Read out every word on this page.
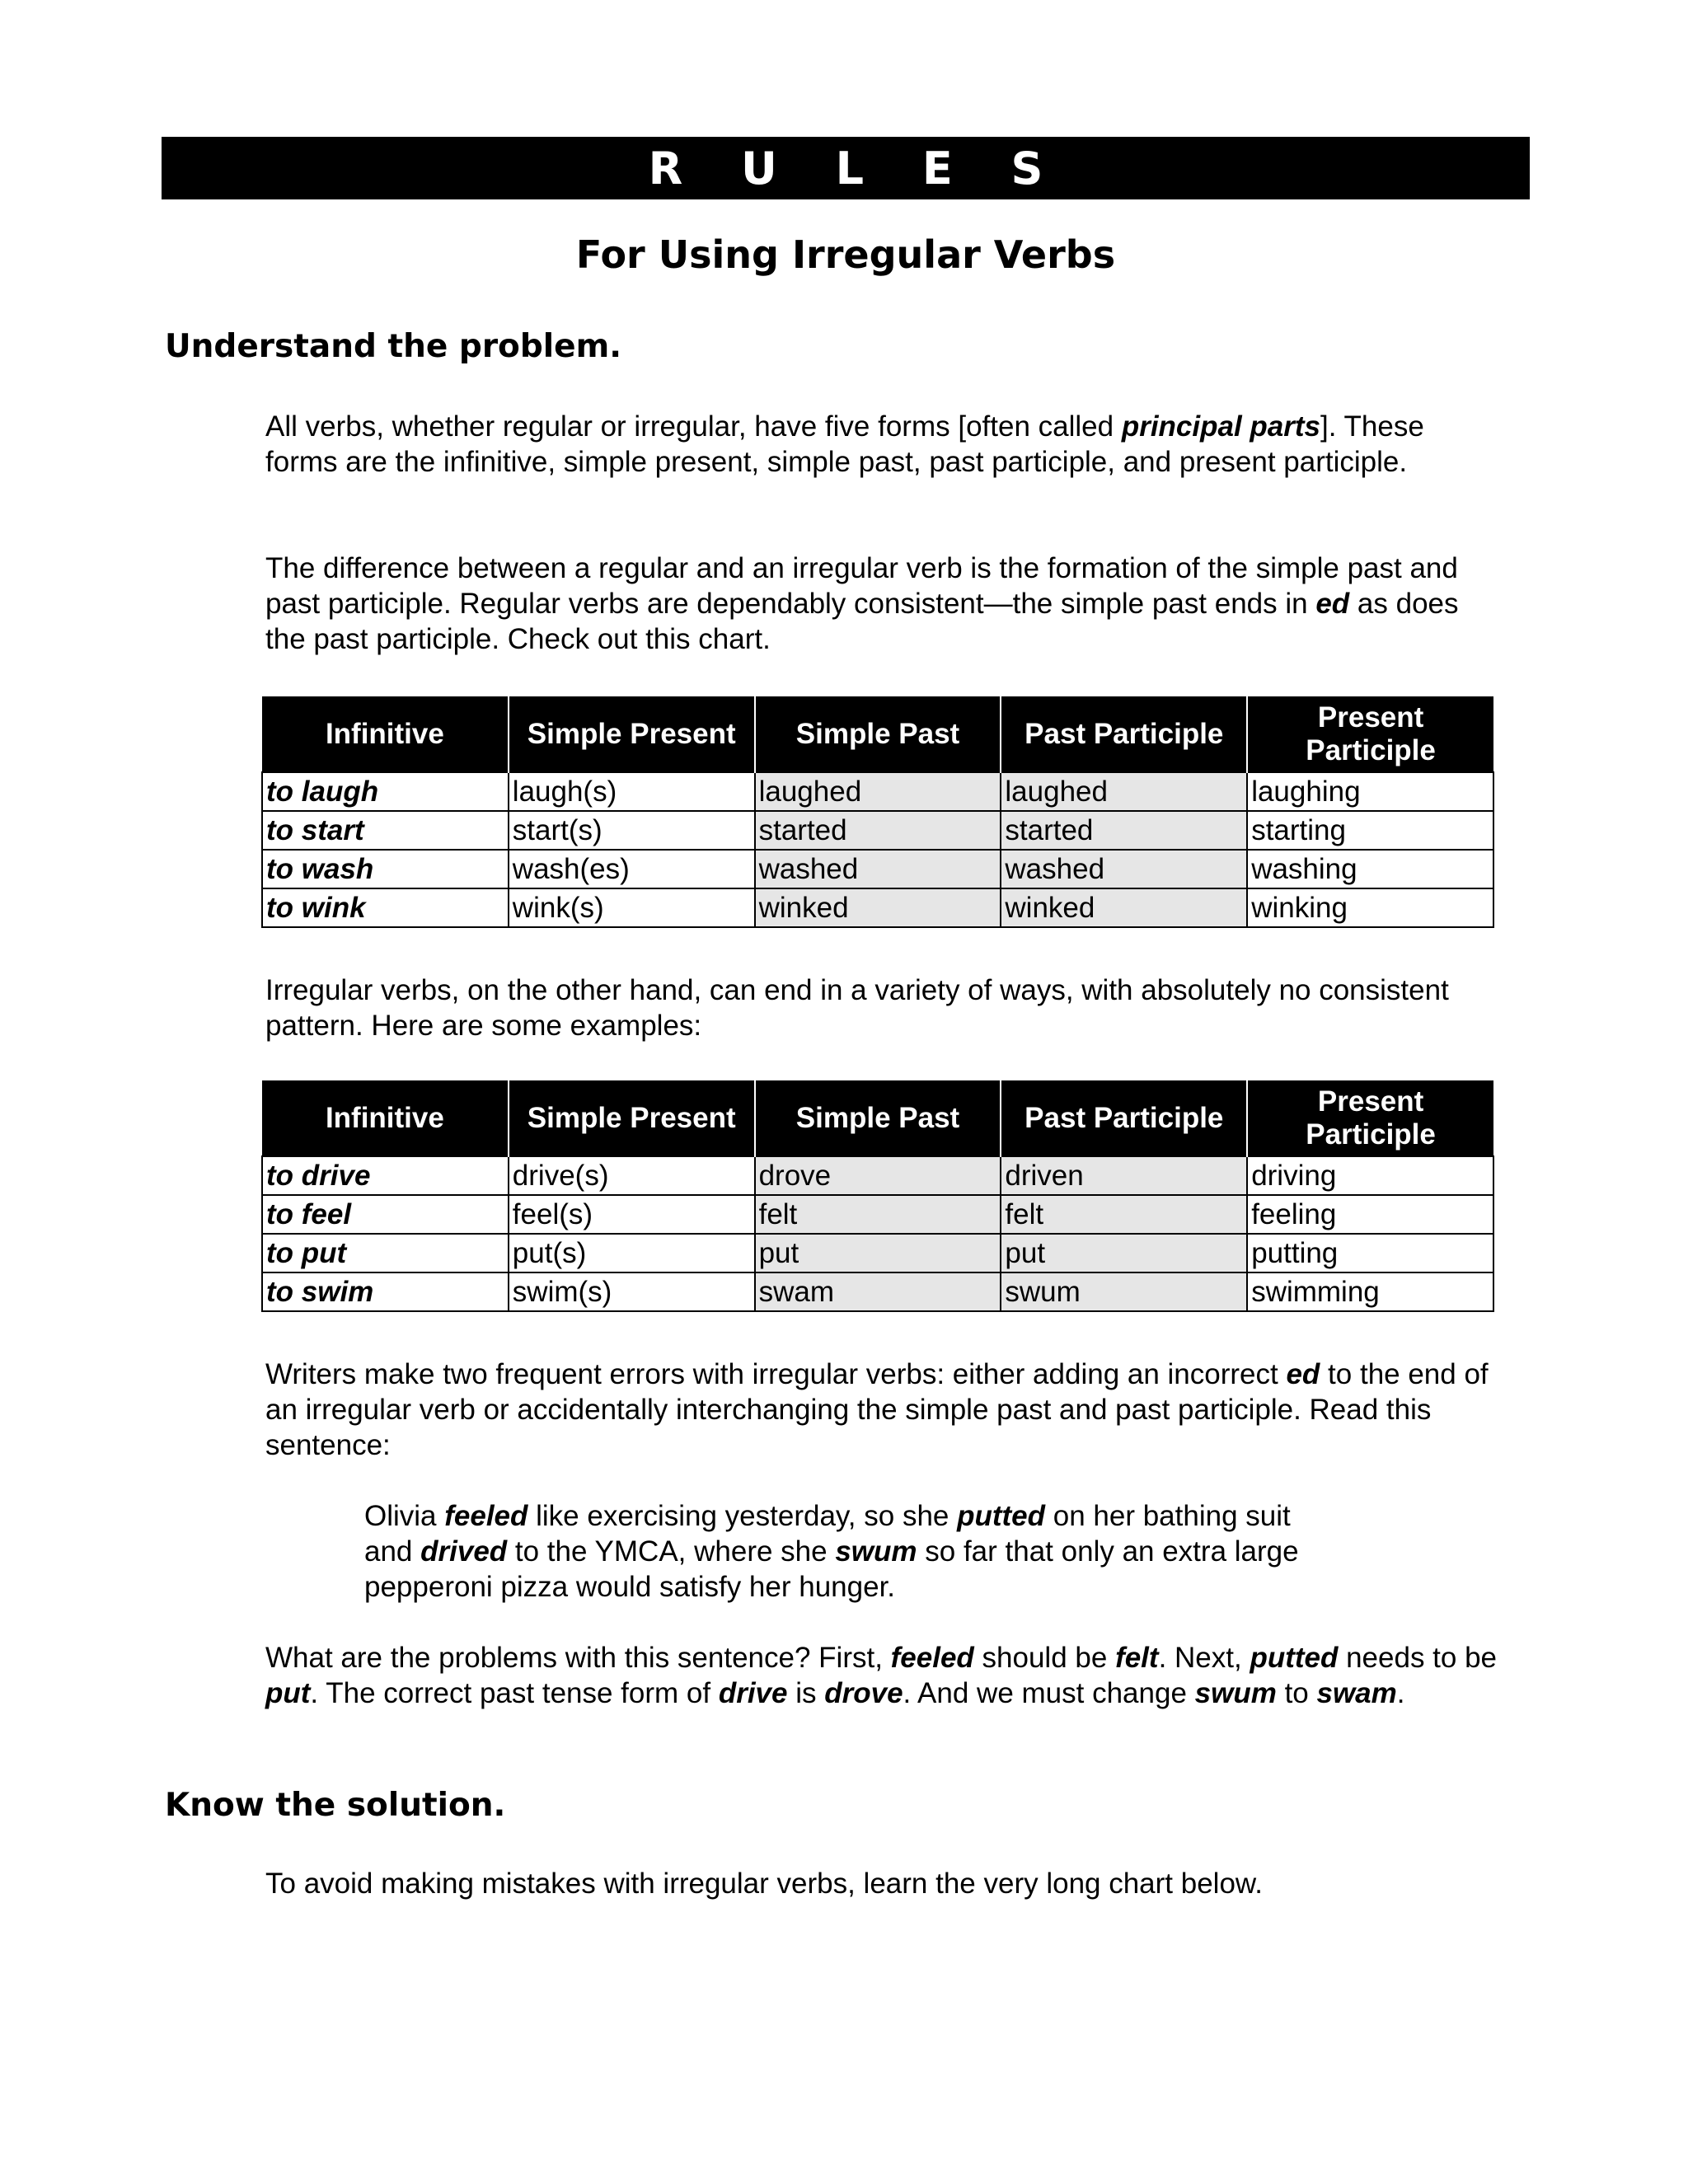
R U L E S
For Using Irregular Verbs
Understand the problem.
All verbs, whether regular or irregular, have five forms [often called principal parts]. These forms are the infinitive, simple present, simple past, past participle, and present participle.
The difference between a regular and an irregular verb is the formation of the simple past and past participle. Regular verbs are dependably consistent—the simple past ends in ed as does the past participle. Check out this chart.
Infinitive	Simple Present	Simple Past	Past Participle	Present Participle
to laugh	laugh(s)	laughed	laughed	laughing
to start	start(s)	started	started	starting
to wash	wash(es)	washed	washed	washing
to wink	wink(s)	winked	winked	winking
Irregular verbs, on the other hand, can end in a variety of ways, with absolutely no consistent pattern. Here are some examples:
Infinitive	Simple Present	Simple Past	Past Participle	Present Participle
to drive	drive(s)	drove	driven	driving
to feel	feel(s)	felt	felt	feeling
to put	put(s)	put	put	putting
to swim	swim(s)	swam	swum	swimming
Writers make two frequent errors with irregular verbs: either adding an incorrect ed to the end of an irregular verb or accidentally interchanging the simple past and past participle. Read this sentence:
Olivia feeled like exercising yesterday, so she putted on her bathing suit and drived to the YMCA, where she swum so far that only an extra large pepperoni pizza would satisfy her hunger.
What are the problems with this sentence? First, feeled should be felt. Next, putted needs to be put. The correct past tense form of drive is drove. And we must change swum to swam.
Know the solution.
To avoid making mistakes with irregular verbs, learn the very long chart below.
